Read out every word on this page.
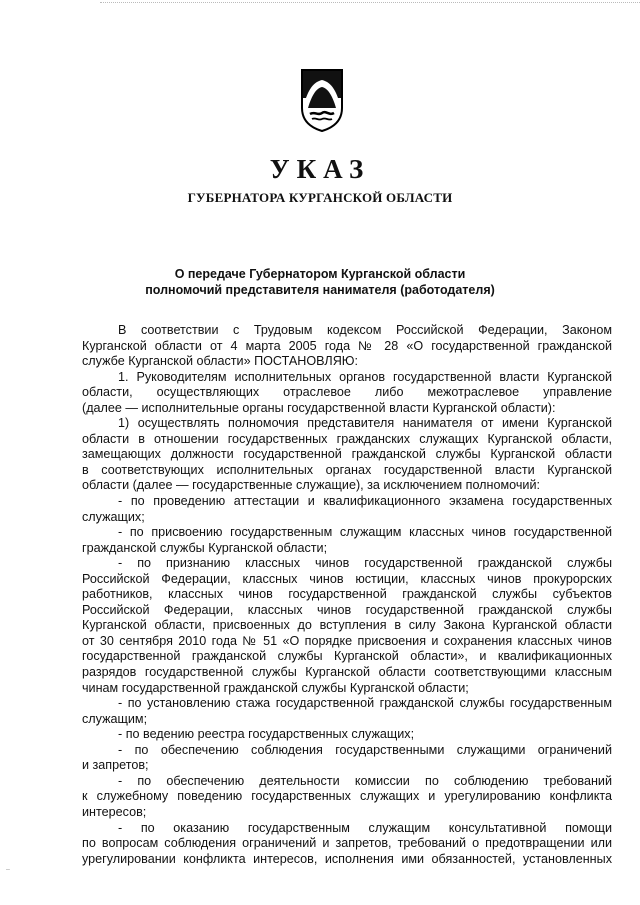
УКАЗ
ГУБЕРНАТОРА КУРГАНСКОЙ ОБЛАСТИ
О передаче Губернатором Курганской области
полномочий представителя нанимателя (работодателя)

В соответствии с Трудовым кодексом Российской Федерации, Законом

Курганской области от 4 марта 2005 года № 28 «О государственной гражданской

службе Курганской области» ПОСТАНОВЛЯЮ:

1. Руководителям исполнительных органов государственной власти Курганской

области, осуществляющих отраслевое либо межотраслевое управление

(далее — исполнительные органы государственной власти Курганской области):

1) осуществлять полномочия представителя нанимателя от имени Курганской

области в отношении государственных гражданских служащих Курганской области,

замещающих должности государственной гражданской службы Курганской области

в соответствующих исполнительных органах государственной власти Курганской

области (далее — государственные служащие), за исключением полномочий:

- по проведению аттестации и квалификационного экзамена государственных

служащих;

- по присвоению государственным служащим классных чинов государственной

гражданской службы Курганской области;

- по признанию классных чинов государственной гражданской службы

Российской Федерации, классных чинов юстиции, классных чинов прокурорских

работников, классных чинов государственной гражданской службы субъектов

Российской Федерации, классных чинов государственной гражданской службы

Курганской области, присвоенных до вступления в силу Закона Курганской области

от 30 сентября 2010 года № 51 «О порядке присвоения и сохранения классных чинов

государственной гражданской службы Курганской области», и квалификационных

разрядов государственной службы Курганской области соответствующими классным

чинам государственной гражданской службы Курганской области;

- по установлению стажа государственной гражданской службы государственным

служащим;

- по ведению реестра государственных служащих;

- по обеспечению соблюдения государственными служащими ограничений

и запретов;

- по обеспечению деятельности комиссии по соблюдению требований

к служебному поведению государственных служащих и урегулированию конфликта

интересов;

- по оказанию государственным служащим консультативной помощи

по вопросам соблюдения ограничений и запретов, требований о предотвращении или

урегулировании конфликта интересов, исполнения ими обязанностей, установленных

–
